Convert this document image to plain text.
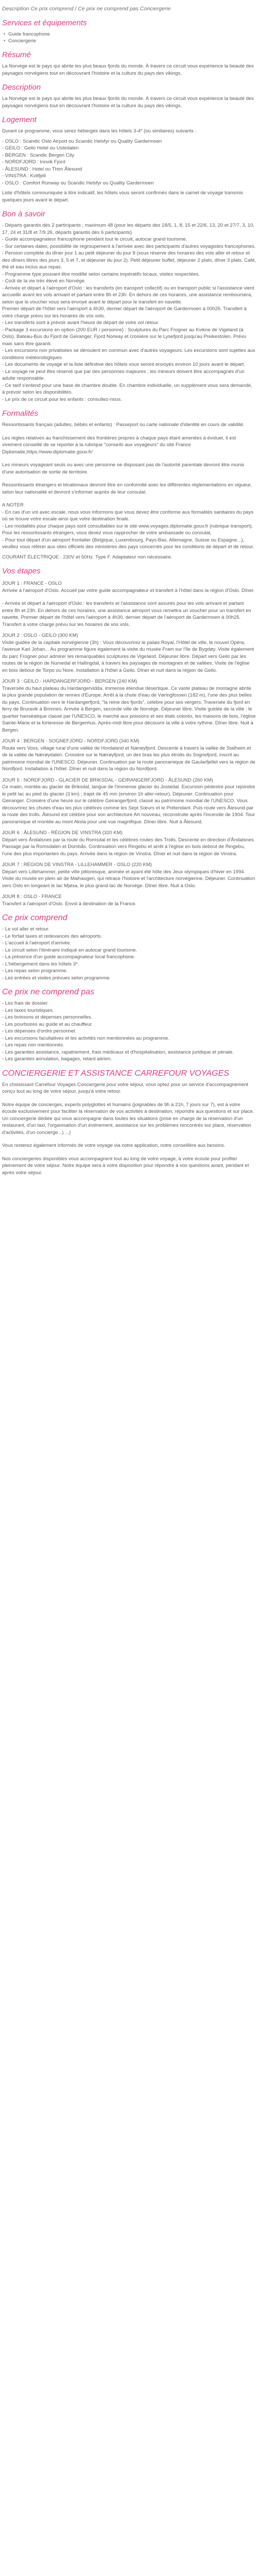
Description Ce prix comprend / Ce prix ne comprend pas Conciergerie

Services et équipements
• Guide francophone
• Conciergerie
Résumé

La Norvège est le pays qui abrite les plus beaux fjords du monde. À travers ce circuit vous expérience la beauté des paysages norvégiens tout en découvrant l'histoire et la culture du pays des vikings.

Description

La Norvège est le pays qui abrite les plus beaux fjords du monde. À travers ce circuit vous expérience la beauté des paysages norvégiens tout en découvrant l'histoire et la culture du pays des vikings.

Logement

Durant ce programme, vous serez hébergés dans les hôtels 3-4* (ou similaires) suivants :

- OSLO : Scandic Oslo Airport ou Scandic Helsfyr ou Quality Gardermoen
- GEILO : Geilo Hotel ou Ustedalen
- BERGEN : Scandic Bergen City
- NORDFJORD : Innvik Fjord
- ÅLESUND : Hotel ou Thon Ålesund
- VINSTRA : Kvitfjell
- OSLO : Comfort Runway ou Scandic Helsfyr ou Quality Gardermoen

Liste d'hôtels communiquée à titre indicatif, les hôtels vous seront confirmés dans le carnet de voyage transmis quelques jours avant le départ.

Bon à savoir
- Départs garantis dès 2 participants ; maximum 48 (pour les départs des 18/5, 1, 8, 15 et 22/6, 13, 20 et 27/7, 3, 10, 17, 24 et 31/8 et 7/9 26, départs garantis dès 6 participants)
- Guide accompagnateur francophone pendant tout le circuit, autocar grand tourisme.
- Sur certaines dates, possibilité de regroupement à l'arrivée avec des participants d'autres voyagistes francophones.
- Pension complète du dîner jour 1 au petit déjeuner du jour 8 (sous réserve des horaires des vols aller et retour et des dîners libres des jours 3, 5 et 7, et déjeuner du jour 2). Petit déjeuner buffet, déjeuner 2 plats, dîner 3 plats. Café, thé et eau inclus aux repas.
- Programme type pouvant être modifié selon certains impératifs locaux, visites respectées.
- Coût de la vie très élevé en Norvège.
- Arrivée et départ à l'aéroport d'Oslo : les transferts (en transport collectif) ou en transport public si l'assistance vient accueillir avant les vols arrivant et partant entre 8h et 23h. En dehors de ces horaires, une assistance remboursera, selon que le voucher vous sera envoyé avant le départ pour le transfert en navette.
Premier départ de l'hôtel vers l'aéroport à 4h30, dernier départ de l'aéroport de Gardermoen à 00h25. Transfert à votre charge prévu sur les horaires de vos vols.
- Les transferts sont à prévoir avant l'heure de départ de votre vol retour.
- Package 3 excursions en option (200 EUR / personne) : Sculptures du Parc Frogner au Kvikne de Vigeland (à Oslo), Bateau-Bus du Fjord de Geiranger, Fjord Norway et croisière sur le Lysefjord jusqu'au Preikestolen. Prévu mais sans être garanti.
- Les excursions non privatisées se déroulent en commun avec d'autres voyageurs. Les excursions sont sujettes aux conditions météorologiques.
- Les documents de voyage et la liste définitive des hôtels vous seront envoyés environ 10 jours avant le départ.
- Le voyage ne peut être réservé que par des personnes majeures ; les mineurs doivent être accompagnés d'un adulte responsable.
- Ce tarif s'entend pour une base de chambre double. En chambre individuelle, un supplément vous sera demandé, à prévoir selon les disponibilités.
- Le prix de ce circuit pour les enfants : consultez-nous.
Formalités

Ressortissants français (adultes, bébés et enfants) : Passeport ou carte nationale d'identité en cours de validité.

Les règles relatives au franchissement des frontières propres à chaque pays étant amenées à évoluer, il est vivement conseillé de se reporter à la rubrique "conseils aux voyageurs" du site France Diplomatie,https://www.diplomatie.gouv.fr/

Les mineurs voyageant seuls ou avec une personne ne disposant pas de l'autorité parentale devront être munis d'une autorisation de sortie de territoire.

Ressortissants étrangers et binationaux devront être en conformité avec les différentes réglementations en vigueur, selon leur nationalité et devront s'informer auprès de leur consulat.

A NOTER

- En cas d'un vol avec escale, nous vous informons que vous devez être conforme aux formalités sanitaires du pays où se trouve votre escale ainsi que votre destination finale.
- Les modalités pour chaque pays sont consultables sur le site www.voyages.diplomatie.gouv.fr (rubrique transport). Pour les ressortissants étrangers, vous devez vous rapprocher de votre ambassade ou consulat.
- Pour tout départ d'un aéroport frontalier (Belgique, Luxembourg, Pays-Bas, Allemagne, Suisse ou Espagne...), veuillez vous référer aux sites officiels des ministères des pays concernés pour les conditions de départ et de retour.

COURANT ÉLECTRIQUE : 230V et 50Hz. Type F. Adaptateur non nécessaire.

Vos étapes

JOUR 1 : FRANCE - OSLO

Arrivée à l'aéroport d'Oslo. Accueil par votre guide accompagnateur et transfert à l'hôtel dans la région d'Oslo. Dîner.

- Arrivée et départ à l'aéroport d'Oslo : les transferts et l'assistance sont assurés pour les vols arrivant et partant entre 8h et 23h. En dehors de ces horaires, une assistance aéroport vous remettra un voucher pour un transfert en navette. Premier départ de l'hôtel vers l'aéroport à 4h30, dernier départ de l'aéroport de Gardermoen à 00h25. Transfert à votre charge prévu sur les horaires de vos vols.

JOUR 2 : OSLO - GEILO (300 KM)

Visite guidée de la capitale norvégienne (3h) : Vous découvrirez le palais Royal, l'Hôtel de ville, le nouvel Opéra, l'avenue Karl Johan... Au programme figure également la visite du musée Fram sur l'île de Bygdøy. Visite également du parc Frogner pour admirer les remarquables sculptures de Vigeland. Déjeuner libre. Départ vers Geilo par les routes de la région de Numedal et Hallingdal, à travers les paysages de montagnes et de vallées. Visite de l'église en bois debout de Torpo ou Nore. Installation à l'hôtel à Geilo. Dîner et nuit dans la région de Geilo.

JOUR 3 : GEILO - HARDANGERFJORD - BERGEN (240 KM)

Traversée du haut plateau du Hardangervidda, immense étendue désertique. Ce vaste plateau de montagne abrite la plus grande population de rennes d'Europe. Arrêt à la chute d'eau de Vøringfossen (182 m), l'une des plus belles du pays. Continuation vers le Hardangerfjord, "la reine des fjords", célèbre pour ses vergers. Traversée du fjord en ferry de Bruravik à Brimnes. Arrivée à Bergen, seconde ville de Norvège. Déjeuner libre. Visite guidée de la ville : le quartier hanséatique classé par l'UNESCO, le marché aux poissons et ses étals colorés, les maisons de bois, l'église Sainte-Marie et la forteresse de Bergenhus. Après-midi libre pour découvrir la ville à votre rythme. Dîner libre. Nuit à Bergen.

JOUR 4 : BERGEN - SOGNEFJORD - NORDFJORD (340 KM)

Route vers Voss, village rural d'une vallée de Hordaland et Nærøyfjord. Descente à travers la vallée de Stalheim et de la vallée de Nærøydalen. Croisière sur le Nærøyfjord, un des bras les plus étroits du Sognefjord, inscrit au patrimoine mondial de l'UNESCO. Déjeuner. Continuation par la route panoramique de Gaularfjellet vers la région de Nordfjord. Installation à l'hôtel. Dîner et nuit dans la région du Nordfjord.

JOUR 5 : NORDFJORD - GLACIER DE BRIKSDAL - GEIRANGERFJORD - ÅLESUND (260 KM)

Ce matin, montée au glacier de Briksdal, langue de l'immense glacier du Jostedal. Excursion pédestre pour rejoindre le petit lac au pied du glacier (3 km) ; trajet de 45 min (environ 1h aller-retour). Déjeuner. Continuation pour Geiranger. Croisière d'une heure sur le célèbre Geirangerfjord, classé au patrimoine mondial de l'UNESCO. Vous découvrirez les chutes d'eau les plus célèbres comme les Sept Sœurs et le Prétendant. Puis route vers Ålesund par la route des trolls. Ålesund est célèbre pour son architecture Art nouveau, reconstruite après l'incendie de 1904. Tour panoramique et montée au mont Aksla pour une vue magnifique. Dîner libre. Nuit à Ålesund.

JOUR 6 : ÅLESUND - RÉGION DE VINSTRA (320 KM)

Départ vers Åndalsnes par la route du Romsdal et les célèbres routes des Trolls. Descente en direction d'Åndalsnes. Passage par la Romsdalen et Dombås. Continuation vers Ringebu et arrêt à l'église en bois debout de Ringebu, l'une des plus importantes du pays. Arrivée dans la région de Vinstra. Dîner et nuit dans la région de Vinstra.

JOUR 7 : RÉGION DE VINSTRA - LILLEHAMMER - OSLO (220 KM)

Départ vers Lillehammer, petite ville pittoresque, animée et ayant été hôte des Jeux olympiques d'hiver en 1994. Visite du musée en plein air de Maihaugen, qui retrace l'histoire et l'architecture norvégienne. Déjeuner. Continuation vers Oslo en longeant le lac Mjøsa, le plus grand lac de Norvège. Dîner libre. Nuit à Oslo.

JOUR 8 : OSLO - FRANCE

Transfert à l'aéroport d'Oslo. Envol à destination de la France.

Ce prix comprend
- Le vol aller et retour.
- Le forfait taxes et redevances des aéroports.
- L'accueil à l'aéroport d'arrivée.
- Le circuit selon l'itinéraire indiqué en autocar grand tourisme.
- La présence d'un guide accompagnateur local francophone.
- L'hébergement dans les hôtels 3*.
- Les repas selon programme.
- Les entrées et visites prévues selon programme.
Ce prix ne comprend pas
- Les frais de dossier.
- Les taxes touristiques.
- Les boissons et dépenses personnelles.
- Les pourboires au guide et au chauffeur.
- Les dépenses d'ordre personnel.
- Les excursions facultatives et les activités non mentionnées au programme.
- Les repas non mentionnés.
- Les garanties assistance, rapatriement, frais médicaux et d'hospitalisation, assistance juridique et pénale.
- Les garanties annulation, bagages, retard aérien.
CONCIERGERIE ET ASSISTANCE CARREFOUR VOYAGES

En choisissant Carrefour Voyages Conciergerie pour votre séjour, vous optez pour un service d'accompagnement conçu tout au long de votre séjour, jusqu'à votre retour.

Notre équipe de concierges, experts polyglottes et humains (joignables de 9h à 21h, 7 jours sur 7), est à votre écoute exclusivement pour faciliter la réservation de vos activités à destination, répondre aux questions et sur place. Un conciergerie dédiée qui vous accompagne dans toutes les situations (prise en charge de la réservation d'un restaurant, d'un taxi, l'organisation d'un événement, assistance sur les problèmes rencontrés sur place, réservation d'activités, d'un concierge...) ...)

Vous resterez également informés de votre voyage via notre application, notre conseillère aux besoins.

Nos conciergeries disponibles vous accompagnent tout au long de votre voyage, à votre écoute pour profiter pleinement de votre séjour. Notre équipe sera à votre disposition pour répondre à vos questions avant, pendant et après votre séjour.
